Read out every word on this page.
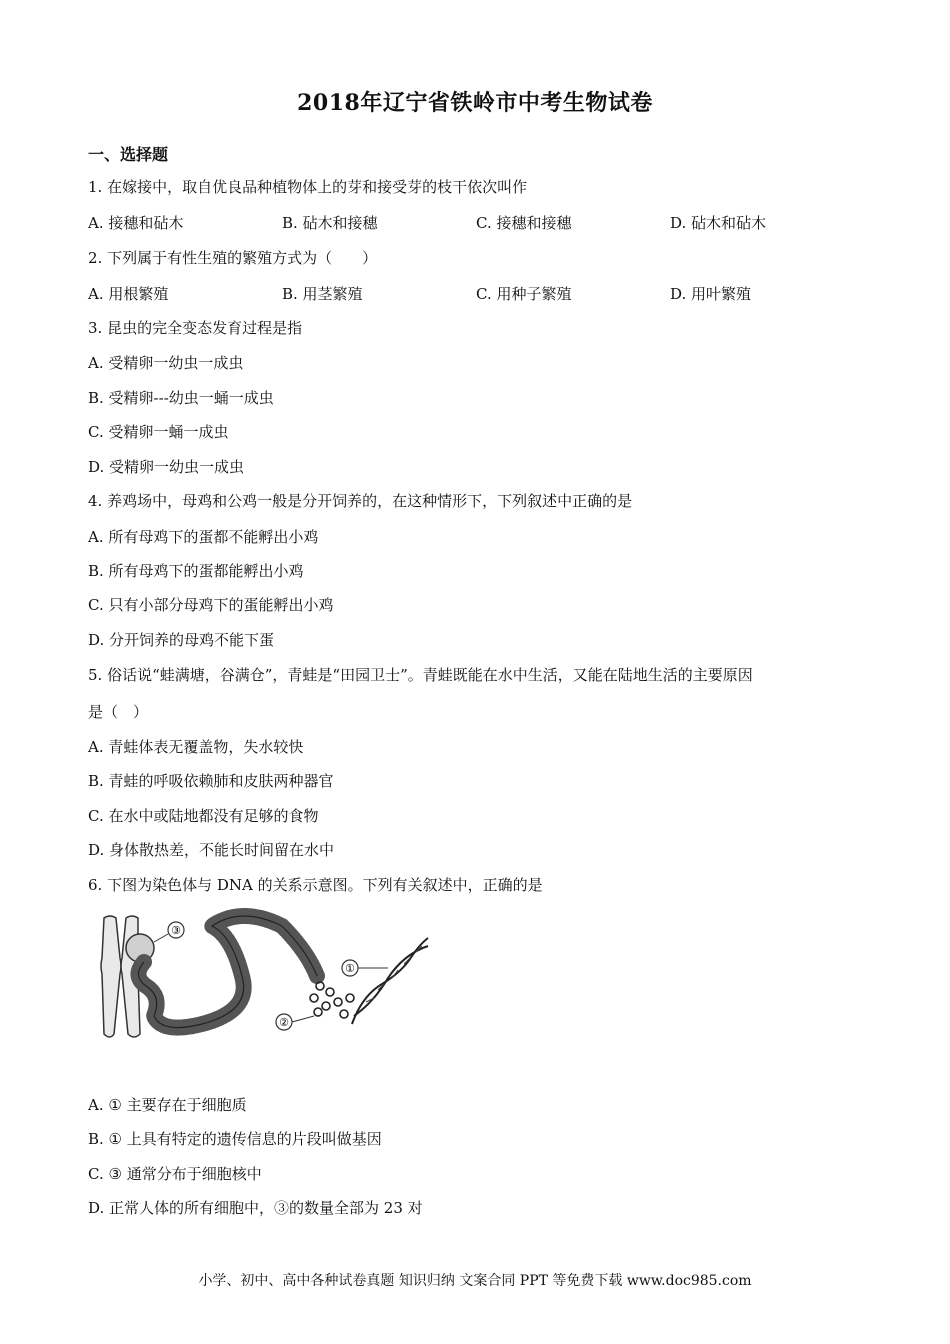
2018年辽宁省铁岭市中考生物试卷
一、选择题
1. 在嫁接中，取自优良品种植物体上的芽和接受芽的枝干依次叫作
A. 接穗和砧木	B. 砧木和接穗	C. 接穗和接穗	D. 砧木和砧木
2. 下列属于有性生殖的繁殖方式为（　　）
A. 用根繁殖	B. 用茎繁殖	C. 用种子繁殖	D. 用叶繁殖
3. 昆虫的完全变态发育过程是指
A. 受精卵一幼虫一成虫
B. 受精卵---幼虫一蛹一成虫
C. 受精卵一蛹一成虫
D. 受精卵一幼虫一成虫
4. 养鸡场中，母鸡和公鸡一般是分开饲养的，在这种情形下，下列叙述中正确的是
A. 所有母鸡下的蛋都不能孵出小鸡
B. 所有母鸡下的蛋都能孵出小鸡
C. 只有小部分母鸡下的蛋能孵出小鸡
D. 分开饲养的母鸡不能下蛋
5. 俗话说“蛙满塘，谷满仓”，青蛙是“田园卫士”。青蛙既能在水中生活，又能在陆地生活的主要原因
是（　）
A. 青蛙体表无覆盖物，失水较快
B. 青蛙的呼吸依赖肺和皮肤两种器官
C. 在水中或陆地都没有足够的食物
D. 身体散热差，不能长时间留在水中
6. 下图为染色体与 DNA 的关系示意图。下列有关叙述中，正确的是
③
①
②
A. ① 主要存在于细胞质
B. ① 上具有特定的遗传信息的片段叫做基因
C. ③ 通常分布于细胞核中
D. 正常人体的所有细胞中，③的数量全部为 23 对
小学、初中、高中各种试卷真题 知识归纳 文案合同 PPT 等免费下载 www.doc985.com
